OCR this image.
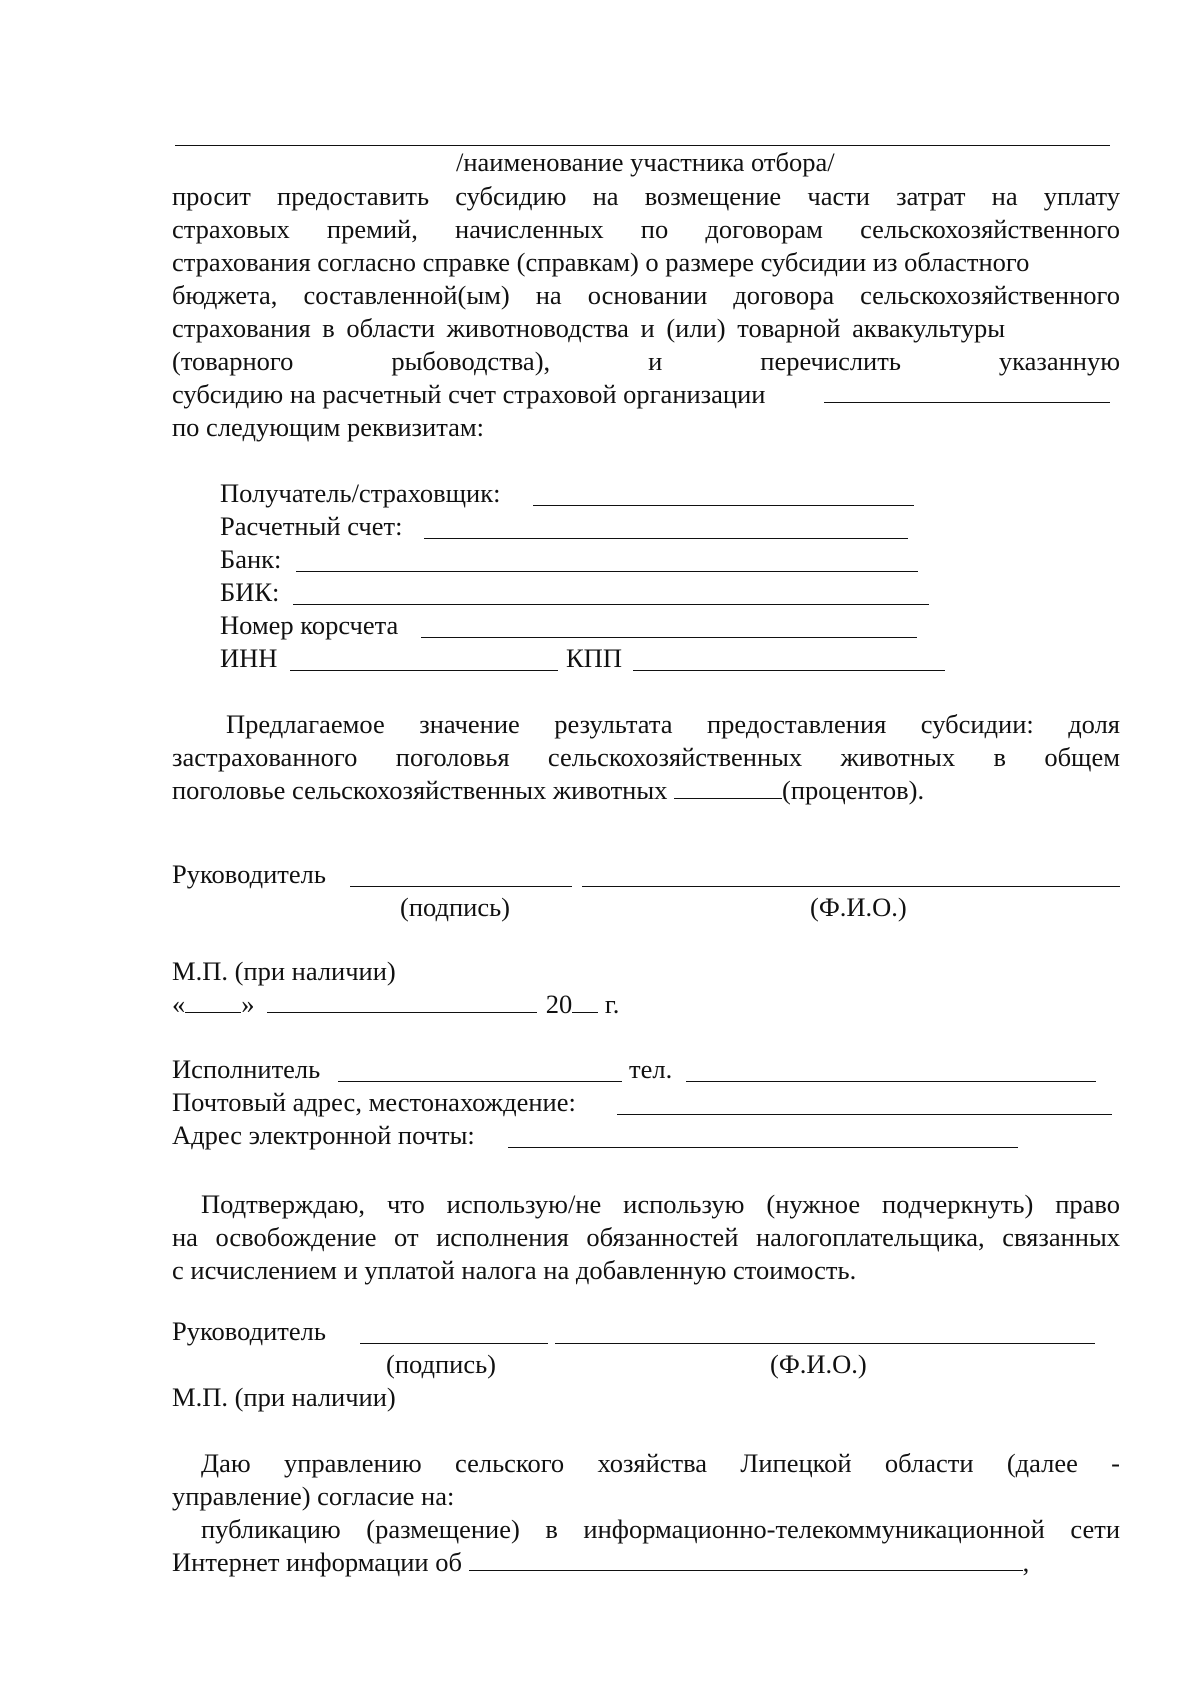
/наименование участника отбора/
просит предоставить субсидию на возмещение части затрат на уплату
страховых премий, начисленных по договорам сельскохозяйственного
страхования согласно справке (справкам) о размере субсидии из областного
бюджета, составленной(ым) на основании договора сельскохозяйственного
страхования в области животноводства и (или) товарной аквакультуры
(товарного рыбоводства), и перечислить указанную
субсидию на расчетный счет страховой организации
по следующим реквизитам:
Получатель/страховщик:
Расчетный счет:
Банк:
БИК:
Номер корсчета
ИНН	КПП
Предлагаемое значение результата предоставления субсидии: доля
застрахованного поголовья сельскохозяйственных животных в общем
поголовье сельскохозяйственных животных	(процентов).
Руководитель
(подпись)	(Ф.И.О.)
М.П. (при наличии)
« »	20 г.
Исполнитель	тел.
Почтовый адрес, местонахождение:
Адрес электронной почты:
Подтверждаю, что использую/не использую (нужное подчеркнуть) право
на освобождение от исполнения обязанностей налогоплательщика, связанных
с исчислением и уплатой налога на добавленную стоимость.
Руководитель
(подпись)	(Ф.И.О.)
М.П. (при наличии)
Даю управлению сельского хозяйства Липецкой области (далее -
управление) согласие на:
публикацию (размещение) в информационно-телекоммуникационной сети
Интернет информации об	,
